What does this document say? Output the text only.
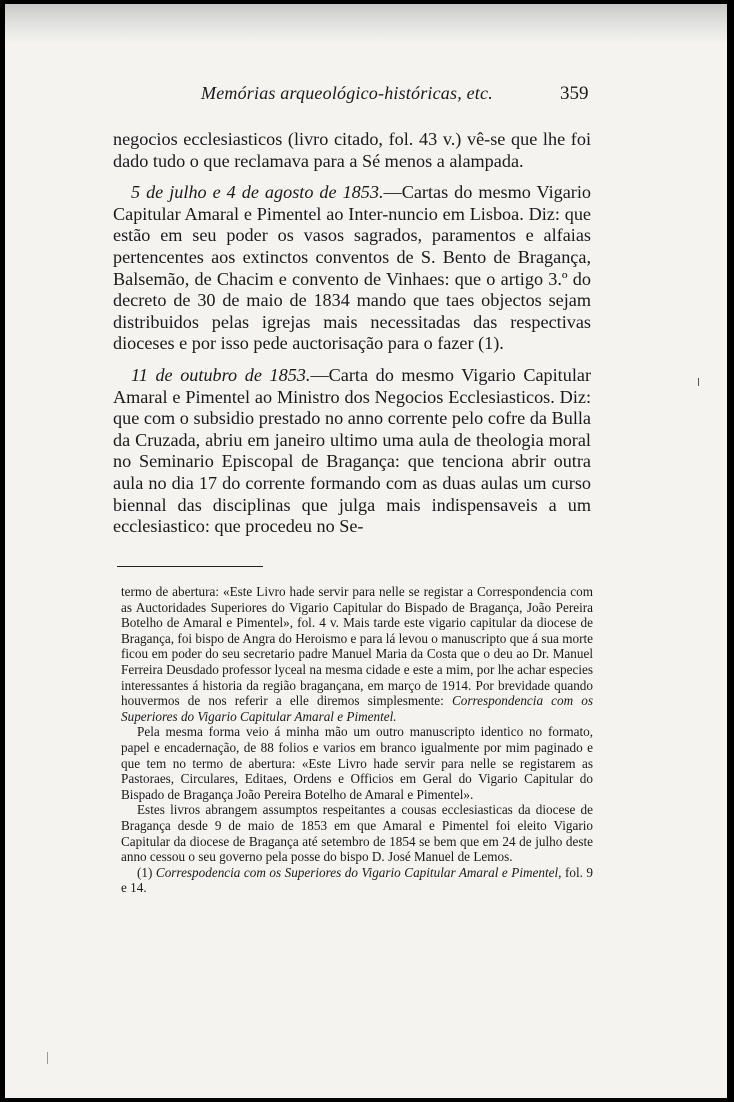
Memórias arqueológico-históricas, etc.	359

negocios ecclesiasticos (livro citado, fol. 43 v.) vê-se que lhe foi dado tudo o que reclamava para a Sé menos a alampada.

5 de julho e 4 de agosto de 1853.—Cartas do mesmo Vigario Capitular Amaral e Pimentel ao Inter-nuncio em Lisboa. Diz: que estão em seu poder os vasos sagrados, paramentos e alfaias pertencentes aos extinctos conventos de S. Bento de Bragança, Balsemão, de Chacim e convento de Vinhaes: que o artigo 3.º do decreto de 30 de maio de 1834 mando que taes objectos sejam distribuidos pelas igrejas mais necessitadas das respectivas dioceses e por isso pede auctorisação para o fazer (1).

11 de outubro de 1853.—Carta do mesmo Vigario Capitular Amaral e Pimentel ao Ministro dos Negocios Ecclesiasticos. Diz: que com o subsidio prestado no anno corrente pelo cofre da Bulla da Cruzada, abriu em janeiro ultimo uma aula de theologia moral no Seminario Episcopal de Bragança: que tenciona abrir outra aula no dia 17 do corrente formando com as duas aulas um curso biennal das disciplinas que julga mais indispensaveis a um ecclesiastico: que procedeu no Se-

termo de abertura: «Este Livro hade servir para nelle se registar a Correspondencia com as Auctoridades Superiores do Vigario Capitular do Bispado de Bragança, João Pereira Botelho de Amaral e Pimentel», fol. 4 v. Mais tarde este vigario capitular da diocese de Bragança, foi bispo de Angra do Heroismo e para lá levou o manuscripto que á sua morte ficou em poder do seu secretario padre Manuel Maria da Costa que o deu ao Dr. Manuel Ferreira Deusdado professor lyceal na mesma cidade e este a mim, por lhe achar especies interessantes á historia da região bragançana, em março de 1914. Por brevidade quando houvermos de nos referir a elle diremos simplesmente: Correspondencia com os Superiores do Vigario Capitular Amaral e Pimentel.

Pela mesma forma veio á minha mão um outro manuscripto identico no formato, papel e encadernação, de 88 folios e varios em branco igualmente por mim paginado e que tem no termo de abertura: «Este Livro hade servir para nelle se registarem as Pastoraes, Circulares, Editaes, Ordens e Officios em Geral do Vigario Capitular do Bispado de Bragança João Pereira Botelho de Amaral e Pimentel».

Estes livros abrangem assumptos respeitantes a cousas ecclesiasticas da diocese de Bragança desde 9 de maio de 1853 em que Amaral e Pimentel foi eleito Vigario Capitular da diocese de Bragança até setembro de 1854 se bem que em 24 de julho deste anno cessou o seu governo pela posse do bispo D. José Manuel de Lemos.

(1) Correspodencia com os Superiores do Vigario Capitular Amaral e Pimentel, fol. 9 e 14.
